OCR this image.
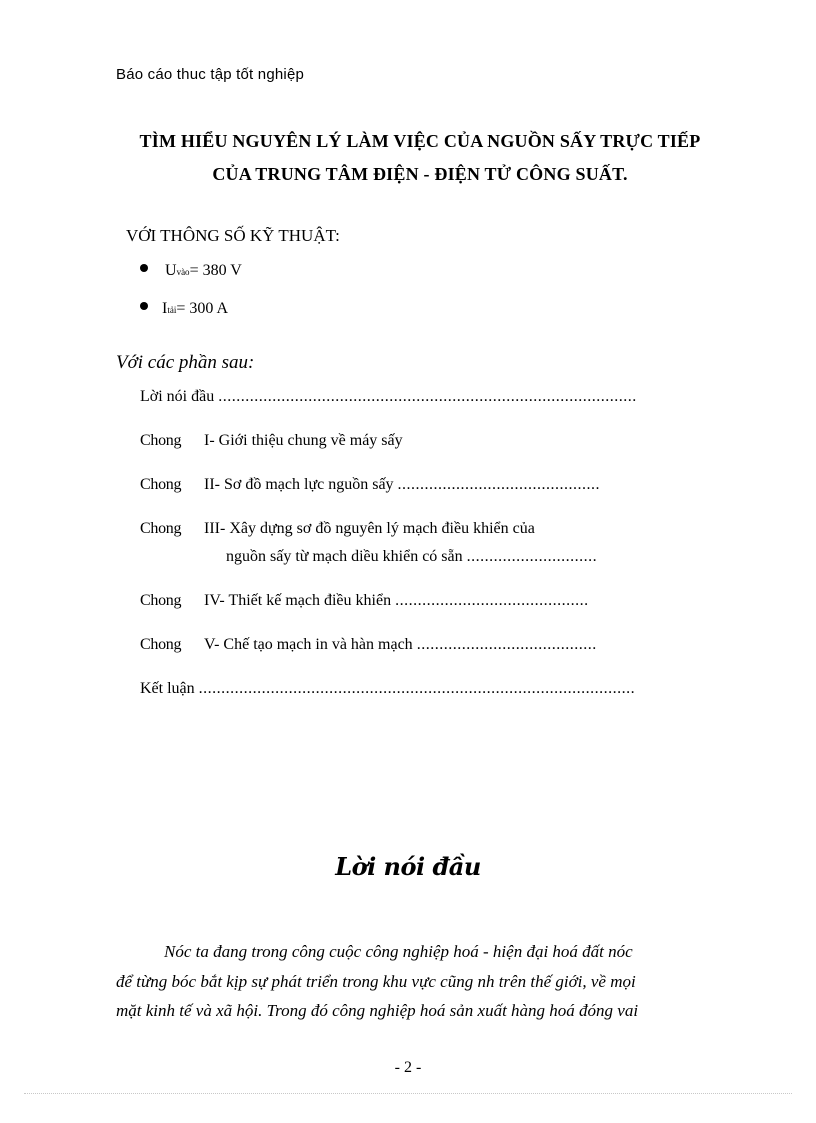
Báo cáo thuc tập tốt nghiệp
TÌM HIỂU NGUYÊN LÝ LÀM VIỆC CỦA NGUỒN SẤY TRỰC TIẾP
CỦA TRUNG TÂM ĐIỆN - ĐIỆN TỬ CÔNG SUẤT.
VỚI THÔNG SỐ KỸ THUẬT:
U vào = 380 V
I tải = 300 A
Với các phần sau:
Lời nói đầu .............................................................................................
Chong I- Giới thiệu chung về máy sấy
Chong II- Sơ đồ mạch lực nguồn sấy .............................................
Chong III- Xây dựng sơ đồ nguyên lý mạch điều khiển của
nguồn sấy từ mạch diều khiển có sẵn .............................
Chong IV- Thiết kế mạch điều khiển ...........................................
Chong V- Chế tạo mạch in và hàn mạch ........................................
Kết luận .................................................................................................
Lời nói đầu
Nóc ta đang trong công cuộc công nghiệp hoá - hiện đại hoá đất nóc
để từng bóc bắt kịp sự phát triển trong khu vực cũng nh trên thế giới, về mọi
mặt kinh tế và xã hội. Trong đó công nghiệp hoá sản xuất hàng hoá đóng vai
- 2 -
